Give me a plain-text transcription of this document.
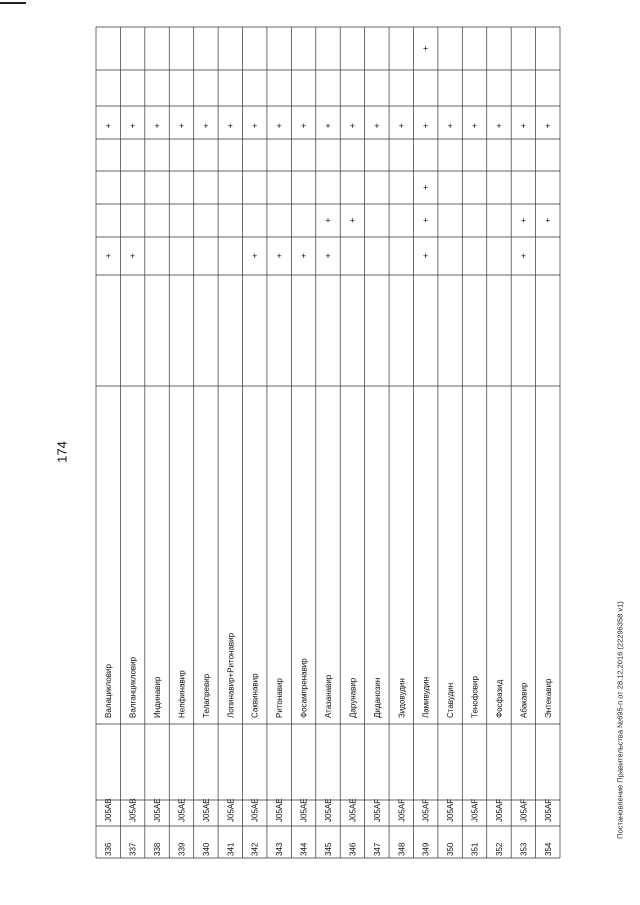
174
Валацикловир
J05AB
336
+
+
Валганцикловир
J05AB
337
+
+
Индинавир
J05AE
338
+
Нелфинавир
J05AE
339
+
Телапревир
J05AE
340
+
Лопинавир+Ритонавир
J05AE
341
+
Саквинавир
J05AE
342
+
+
Ритонавир
J05AE
343
+
+
Фосампренавир
J05AE
344
+
+
Атазанавир
J05AE
345
+
+
+
Дарунавир
J05AE
346
+
+
Диданозин
J05AF
347
+
Зидовудин
J05AF
348
+
Ламивудин
J05AF
349
+
+
+
+
+
Ставудин
J05AF
350
+
Тенофовир
J05AF
351
+
Фосфазид
J05AF
352
+
Абакавир
J05AF
353
+
+
+
Энтекавир
J05AF
354
+
+
Постановление Правительства №695-п от 28.12.2016 (22296358 v1)
